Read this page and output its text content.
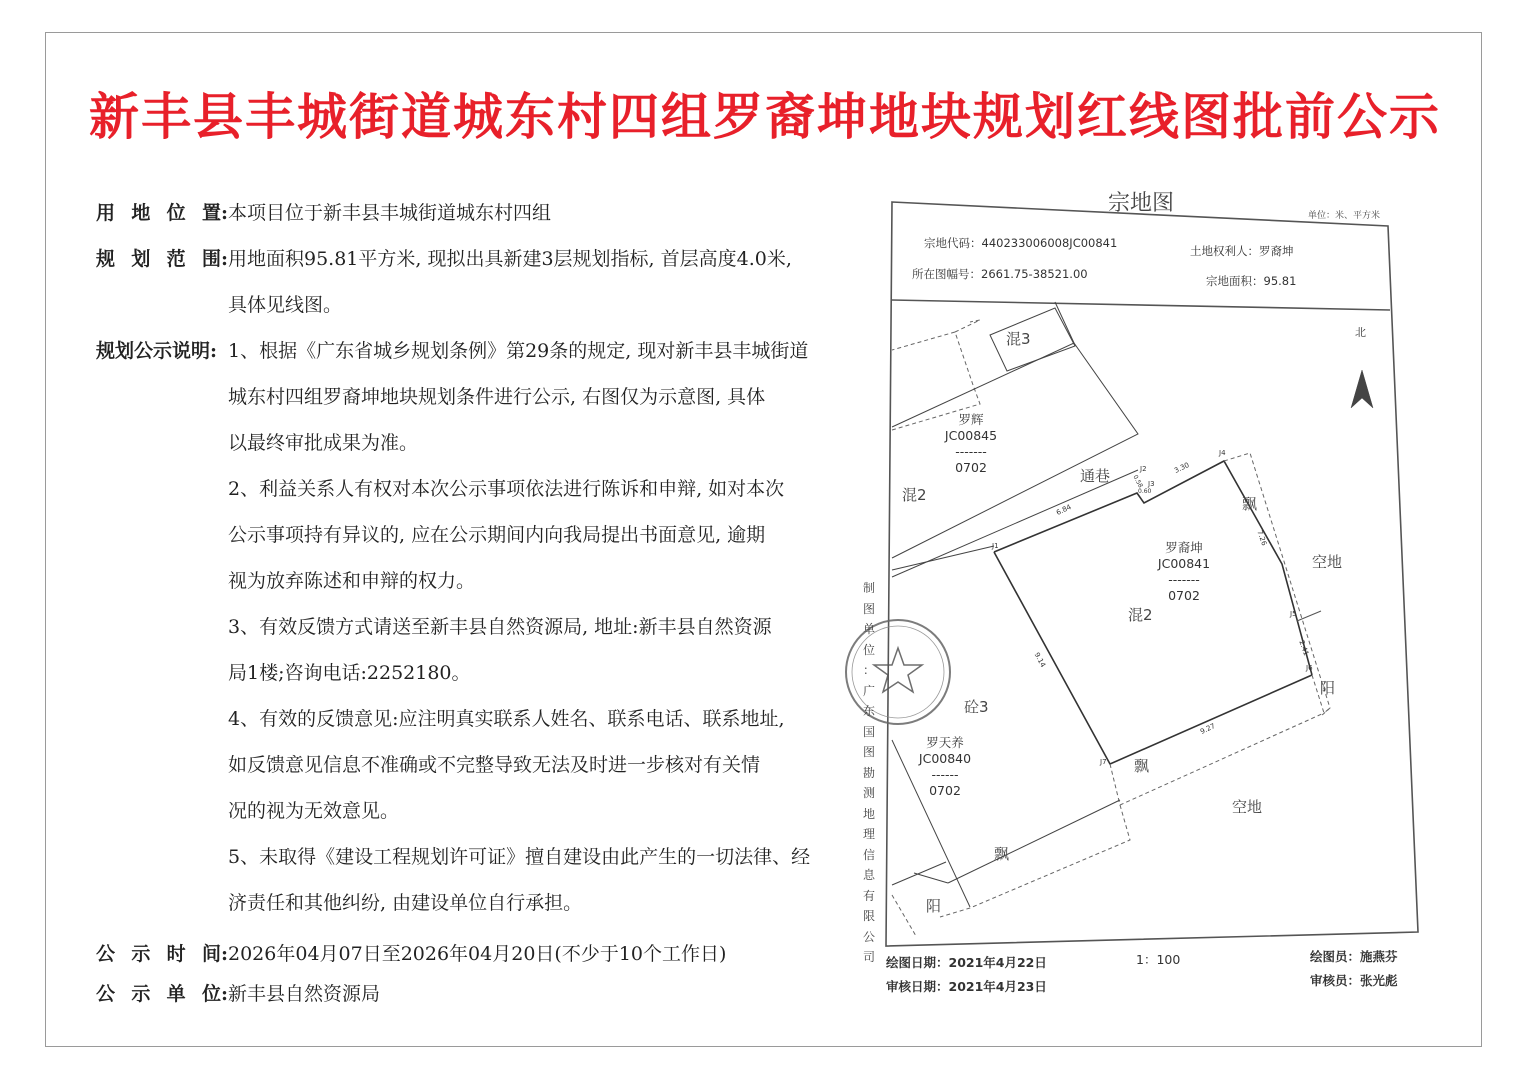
新丰县丰城街道城东村四组罗裔坤地块规划红线图批前公示
用 地 位 置: 本项目位于新丰县丰城街道城东村四组
规 划 范 围: 用地面积95.81平方米, 现拟出具新建3层规划指标, 首层高度4.0米,
具体见线图。
规划公示说明: 1、根据《广东省城乡规划条例》第29条的规定, 现对新丰县丰城街道
城东村四组罗裔坤地块规划条件进行公示, 右图仅为示意图, 具体
以最终审批成果为准。
2、利益关系人有权对本次公示事项依法进行陈诉和申辩, 如对本次
公示事项持有异议的, 应在公示期间内向我局提出书面意见, 逾期
视为放弃陈述和申辩的权力。
3、有效反馈方式请送至新丰县自然资源局, 地址:新丰县自然资源
局1楼;咨询电话:2252180。
4、有效的反馈意见:应注明真实联系人姓名、联系电话、联系地址,
如反馈意见信息不准确或不完整导致无法及时进一步核对有关情
况的视为无效意见。
5、未取得《建设工程规划许可证》擅自建设由此产生的一切法律、经
济责任和其他纠纷, 由建设单位自行承担。
公 示 时 间: 2026年04月07日至2026年04月20日(不少于10个工作日)
公 示 单 位: 新丰县自然资源局
宗地图	单位：米、平方米
宗地代码：440233006008JC00841
土地权利人：罗裔坤
所在图幅号：2661.75-38521.00	宗地面积：95.81
北
混3
罗辉
JC00845
-------
0702
混2
通巷
罗裔坤
JC00841
-------
0702
混2
飘
空地
阳
砼3
罗天养
JC00840
------
0702
飘
空地
飘
阳
J1
J2
J3
J4
J5
J6
J7
6.84
3.30
7.26
2.41
9.27
9.14
0.58
0.60
制
图
单
位
：
广
东
国
图
勘
测
地
理
信
息
有
限
公
司 绘图日期：2021年4月22日
审核日期：2021年4月23日
1：100	绘图员：施燕芬
审核员：张光彪
